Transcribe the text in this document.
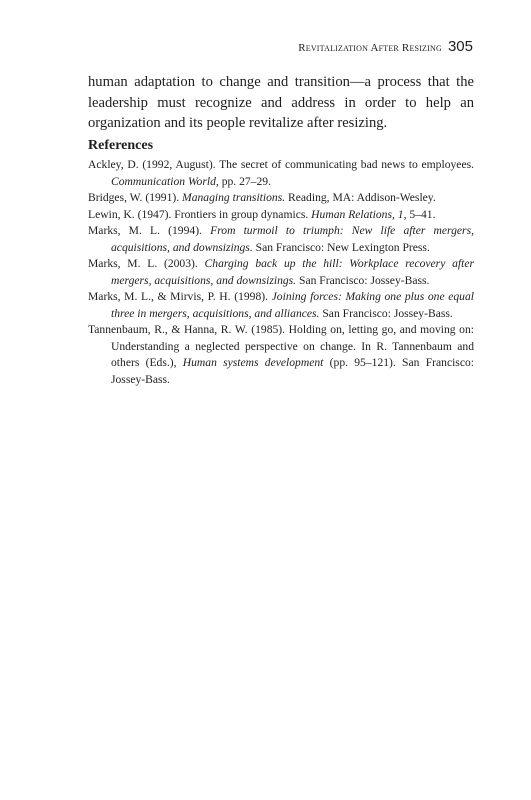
Revitalization After Resizing 305

human adaptation to change and transition—a process that the leadership must recognize and address in order to help an organization and its people revitalize after resizing.

References
Ackley, D. (1992, August). The secret of communicating bad news to employees. Communication World, pp. 27–29.
Bridges, W. (1991). Managing transitions. Reading, MA: Addison-Wesley.
Lewin, K. (1947). Frontiers in group dynamics. Human Relations, 1, 5–41.
Marks, M. L. (1994). From turmoil to triumph: New life after mergers, acquisitions, and downsizings. San Francisco: New Lexington Press.
Marks, M. L. (2003). Charging back up the hill: Workplace recovery after mergers, acquisitions, and downsizings. San Francisco: Jossey-Bass.
Marks, M. L., & Mirvis, P. H. (1998). Joining forces: Making one plus one equal three in mergers, acquisitions, and alliances. San Francisco: Jossey-Bass.
Tannenbaum, R., & Hanna, R. W. (1985). Holding on, letting go, and moving on: Understanding a neglected perspective on change. In R. Tannenbaum and others (Eds.), Human systems development (pp. 95–121). San Francisco: Jossey-Bass.
